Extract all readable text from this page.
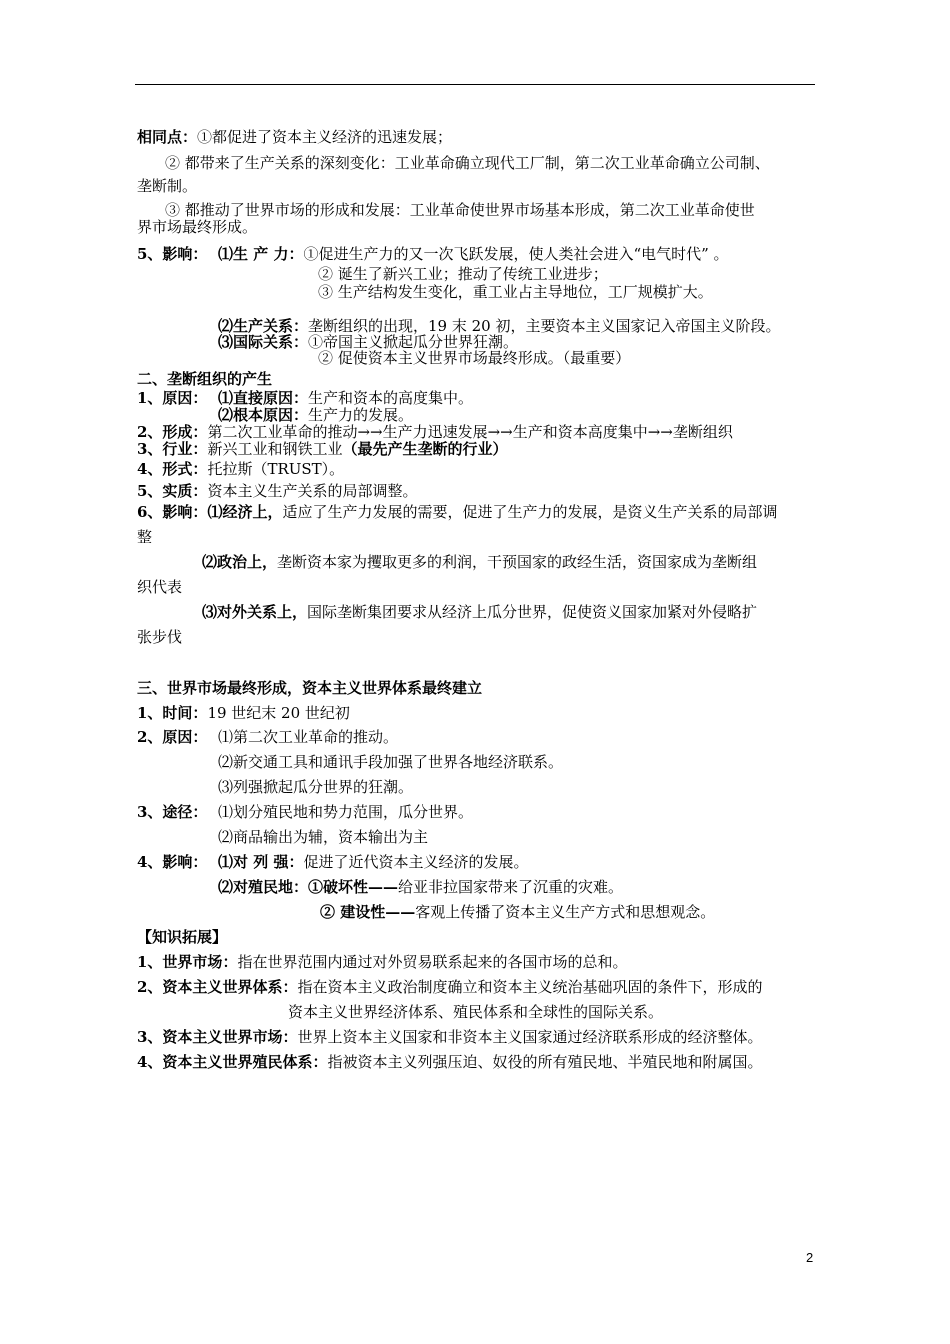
相同点：①都促进了资本主义经济的迅速发展；
② 都带来了生产关系的深刻变化：工业革命确立现代工厂制，第二次工业革命确立公司制、
垄断制。
③ 都推动了世界市场的形成和发展：工业革命使世界市场基本形成，第二次工业革命使世
界市场最终形成。
5、影响： ⑴生 产 力：①促进生产力的又一次飞跃发展，使人类社会进入“电气时代” 。
② 诞生了新兴工业；推动了传统工业进步；
③ 生产结构发生变化，重工业占主导地位，工厂规模扩大。
⑵生产关系：垄断组织的出现，19 末 20 初，主要资本主义国家记入帝国主义阶段。
⑶国际关系：①帝国主义掀起瓜分世界狂潮。
② 促使资本主义世界市场最终形成。（最重要）
二、垄断组织的产生
1、原因： ⑴直接原因：生产和资本的高度集中。
⑵根本原因：生产力的发展。
2、形成：第二次工业革命的推动→→生产力迅速发展→→生产和资本高度集中→→垄断组织
3、行业：新兴工业和钢铁工业（最先产生垄断的行业）
4、形式：托拉斯（TRUST）。
5、实质：资本主义生产关系的局部调整。
6、影响：⑴经济上，适应了生产力发展的需要，促进了生产力的发展，是资义生产关系的局部调
整
⑵政治上，垄断资本家为攫取更多的利润，干预国家的政经生活，资国家成为垄断组
织代表
⑶对外关系上，国际垄断集团要求从经济上瓜分世界，促使资义国家加紧对外侵略扩
张步伐
三、世界市场最终形成，资本主义世界体系最终建立
1、时间：19 世纪末 20 世纪初
2、原因： ⑴第二次工业革命的推动。
⑵新交通工具和通讯手段加强了世界各地经济联系。
⑶列强掀起瓜分世界的狂潮。
3、途径： ⑴划分殖民地和势力范围，瓜分世界。
⑵商品输出为辅，资本输出为主
4、影响： ⑴对 列 强：促进了近代资本主义经济的发展。
⑵对殖民地：①破坏性——给亚非拉国家带来了沉重的灾难。
② 建设性——客观上传播了资本主义生产方式和思想观念。
【知识拓展】
1、世界市场：指在世界范围内通过对外贸易联系起来的各国市场的总和。
2、资本主义世界体系：指在资本主义政治制度确立和资本主义统治基础巩固的条件下，形成的
资本主义世界经济体系、殖民体系和全球性的国际关系。
3、资本主义世界市场：世界上资本主义国家和非资本主义国家通过经济联系形成的经济整体。
4、资本主义世界殖民体系：指被资本主义列强压迫、奴役的所有殖民地、半殖民地和附属国。
2
